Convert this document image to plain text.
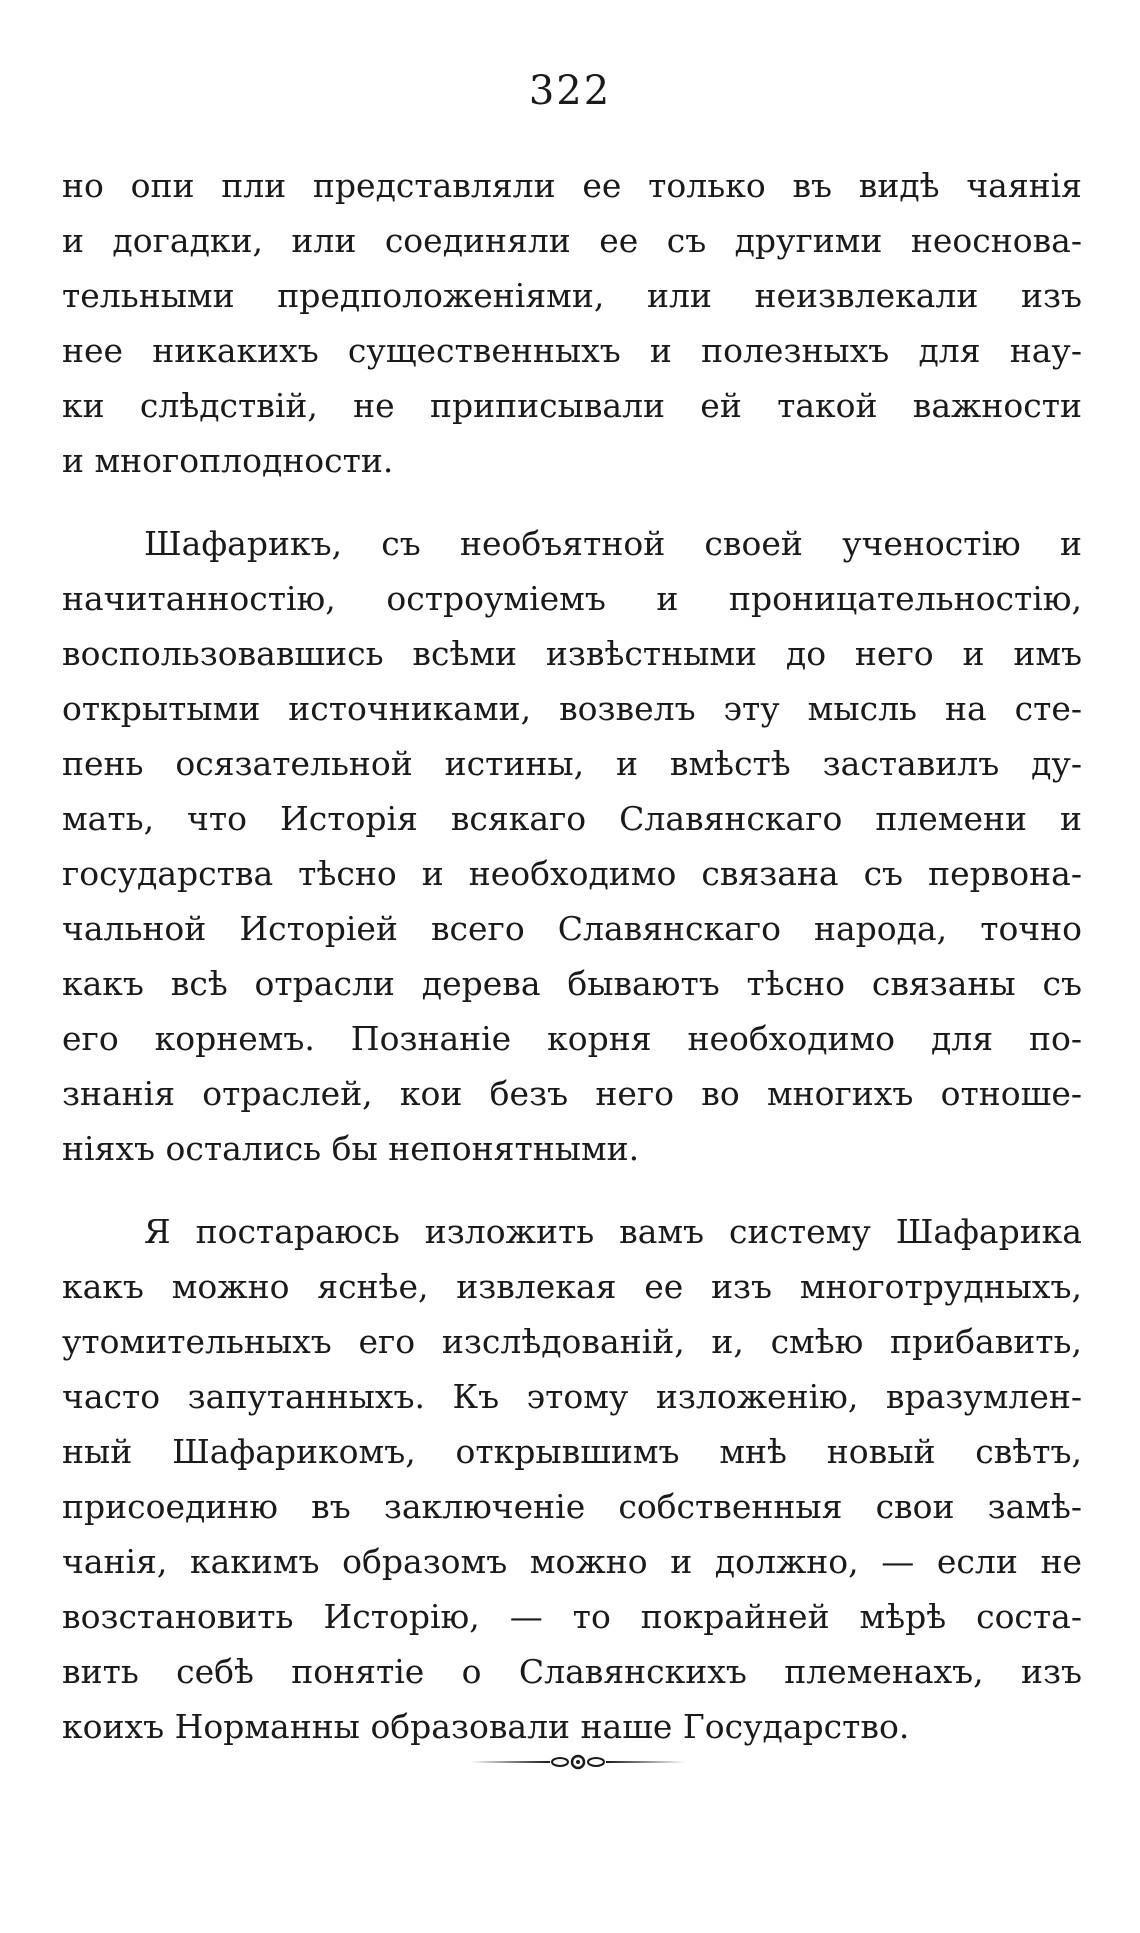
322
но опи пли представляли ее только въ видѣ чаянія
и догадки, или соединяли ее съ другими неоснова-
тельными предположеніями, или неизвлекали изъ
нее никакихъ существенныхъ и полезныхъ для нау-
ки слѣдствій, не приписывали ей такой важности
и многоплодности.
Шафарикъ, съ необъятной своей ученостію и
начитанностію, остроуміемъ и проницательностію,
воспользовавшись всѣми извѣстными до него и имъ
открытыми источниками, возвелъ эту мысль на сте-
пень осязательной истины, и вмѣстѣ заставилъ ду-
мать, что Исторія всякаго Славянскаго племени и
государства тѣсно и необходимо связана съ первона-
чальной Исторіей всего Славянскаго народа, точно
какъ всѣ отрасли дерева бываютъ тѣсно связаны съ
его корнемъ. Познаніе корня необходимо для по-
знанія отраслей, кои безъ него во многихъ отноше-
ніяхъ остались бы непонятными.
Я постараюсь изложить вамъ систему Шафарика
какъ можно яснѣе, извлекая ее изъ многотрудныхъ,
утомительныхъ его изслѣдованій, и, смѣю прибавить,
часто запутанныхъ. Къ этому изложенію, вразумлен-
ный Шафарикомъ, открывшимъ мнѣ новый свѣтъ,
присоединю въ заключеніе собственныя свои замѣ-
чанія, какимъ образомъ можно и должно, — если не
возстановить Исторію, — то покрайней мѣрѣ соста-
вить себѣ понятіе о Славянскихъ племенахъ, изъ
коихъ Норманны образовали наше Государство.
